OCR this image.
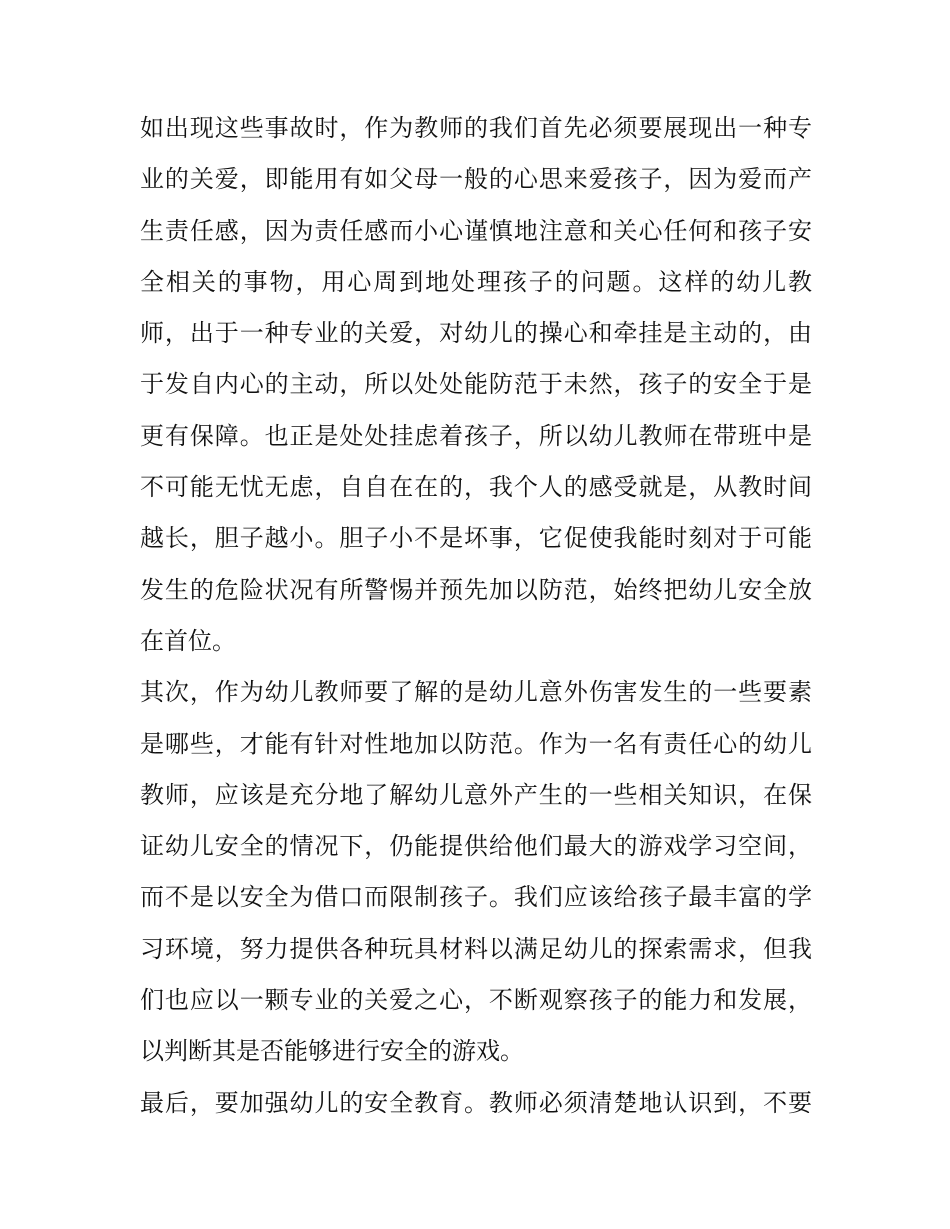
如出现这些事故时，作为教师的我们首先必须要展现出一种专
业的关爱，即能用有如父母一般的心思来爱孩子，因为爱而产
生责任感，因为责任感而小心谨慎地注意和关心任何和孩子安
全相关的事物，用心周到地处理孩子的问题。这样的幼儿教
师，出于一种专业的关爱，对幼儿的操心和牵挂是主动的，由
于发自内心的主动，所以处处能防范于未然，孩子的安全于是
更有保障。也正是处处挂虑着孩子，所以幼儿教师在带班中是
不可能无忧无虑，自自在在的，我个人的感受就是，从教时间
越长，胆子越小。胆子小不是坏事，它促使我能时刻对于可能
发生的危险状况有所警惕并预先加以防范，始终把幼儿安全放
在首位。
其次，作为幼儿教师要了解的是幼儿意外伤害发生的一些要素
是哪些，才能有针对性地加以防范。作为一名有责任心的幼儿
教师，应该是充分地了解幼儿意外产生的一些相关知识，在保
证幼儿安全的情况下，仍能提供给他们最大的游戏学习空间，
而不是以安全为借口而限制孩子。我们应该给孩子最丰富的学
习环境，努力提供各种玩具材料以满足幼儿的探索需求，但我
们也应以一颗专业的关爱之心，不断观察孩子的能力和发展，
以判断其是否能够进行安全的游戏。
最后，要加强幼儿的安全教育。教师必须清楚地认识到，不要
